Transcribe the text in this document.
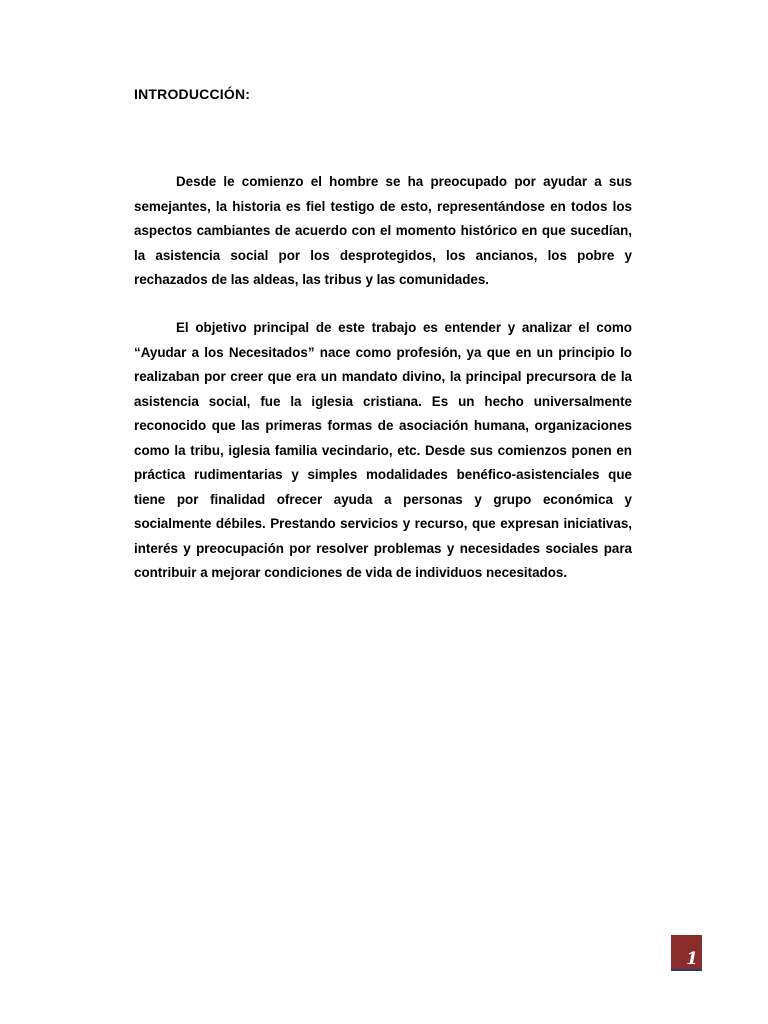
INTRODUCCIÓN:

Desde le comienzo el hombre se ha preocupado por ayudar a sus semejantes, la historia es fiel testigo de esto, representándose en todos los aspectos cambiantes de acuerdo con el momento histórico en que sucedían, la asistencia social por los desprotegidos, los ancianos, los pobre y rechazados de las aldeas, las tribus y las comunidades.

El objetivo principal de este trabajo es entender y analizar el como “Ayudar a los Necesitados” nace como profesión, ya que en un principio lo realizaban por creer que era un mandato divino, la principal precursora de la asistencia social, fue la iglesia cristiana. Es un hecho universalmente reconocido que las primeras formas de asociación humana, organizaciones como la tribu, iglesia familia vecindario, etc. Desde sus comienzos ponen en práctica rudimentarias y simples modalidades benéfico-asistenciales que tiene por finalidad ofrecer ayuda a personas y grupo económica y socialmente débiles. Prestando servicios y recurso, que expresan iniciativas, interés y preocupación por resolver problemas y necesidades sociales para contribuir a mejorar condiciones de vida de individuos necesitados.

1
